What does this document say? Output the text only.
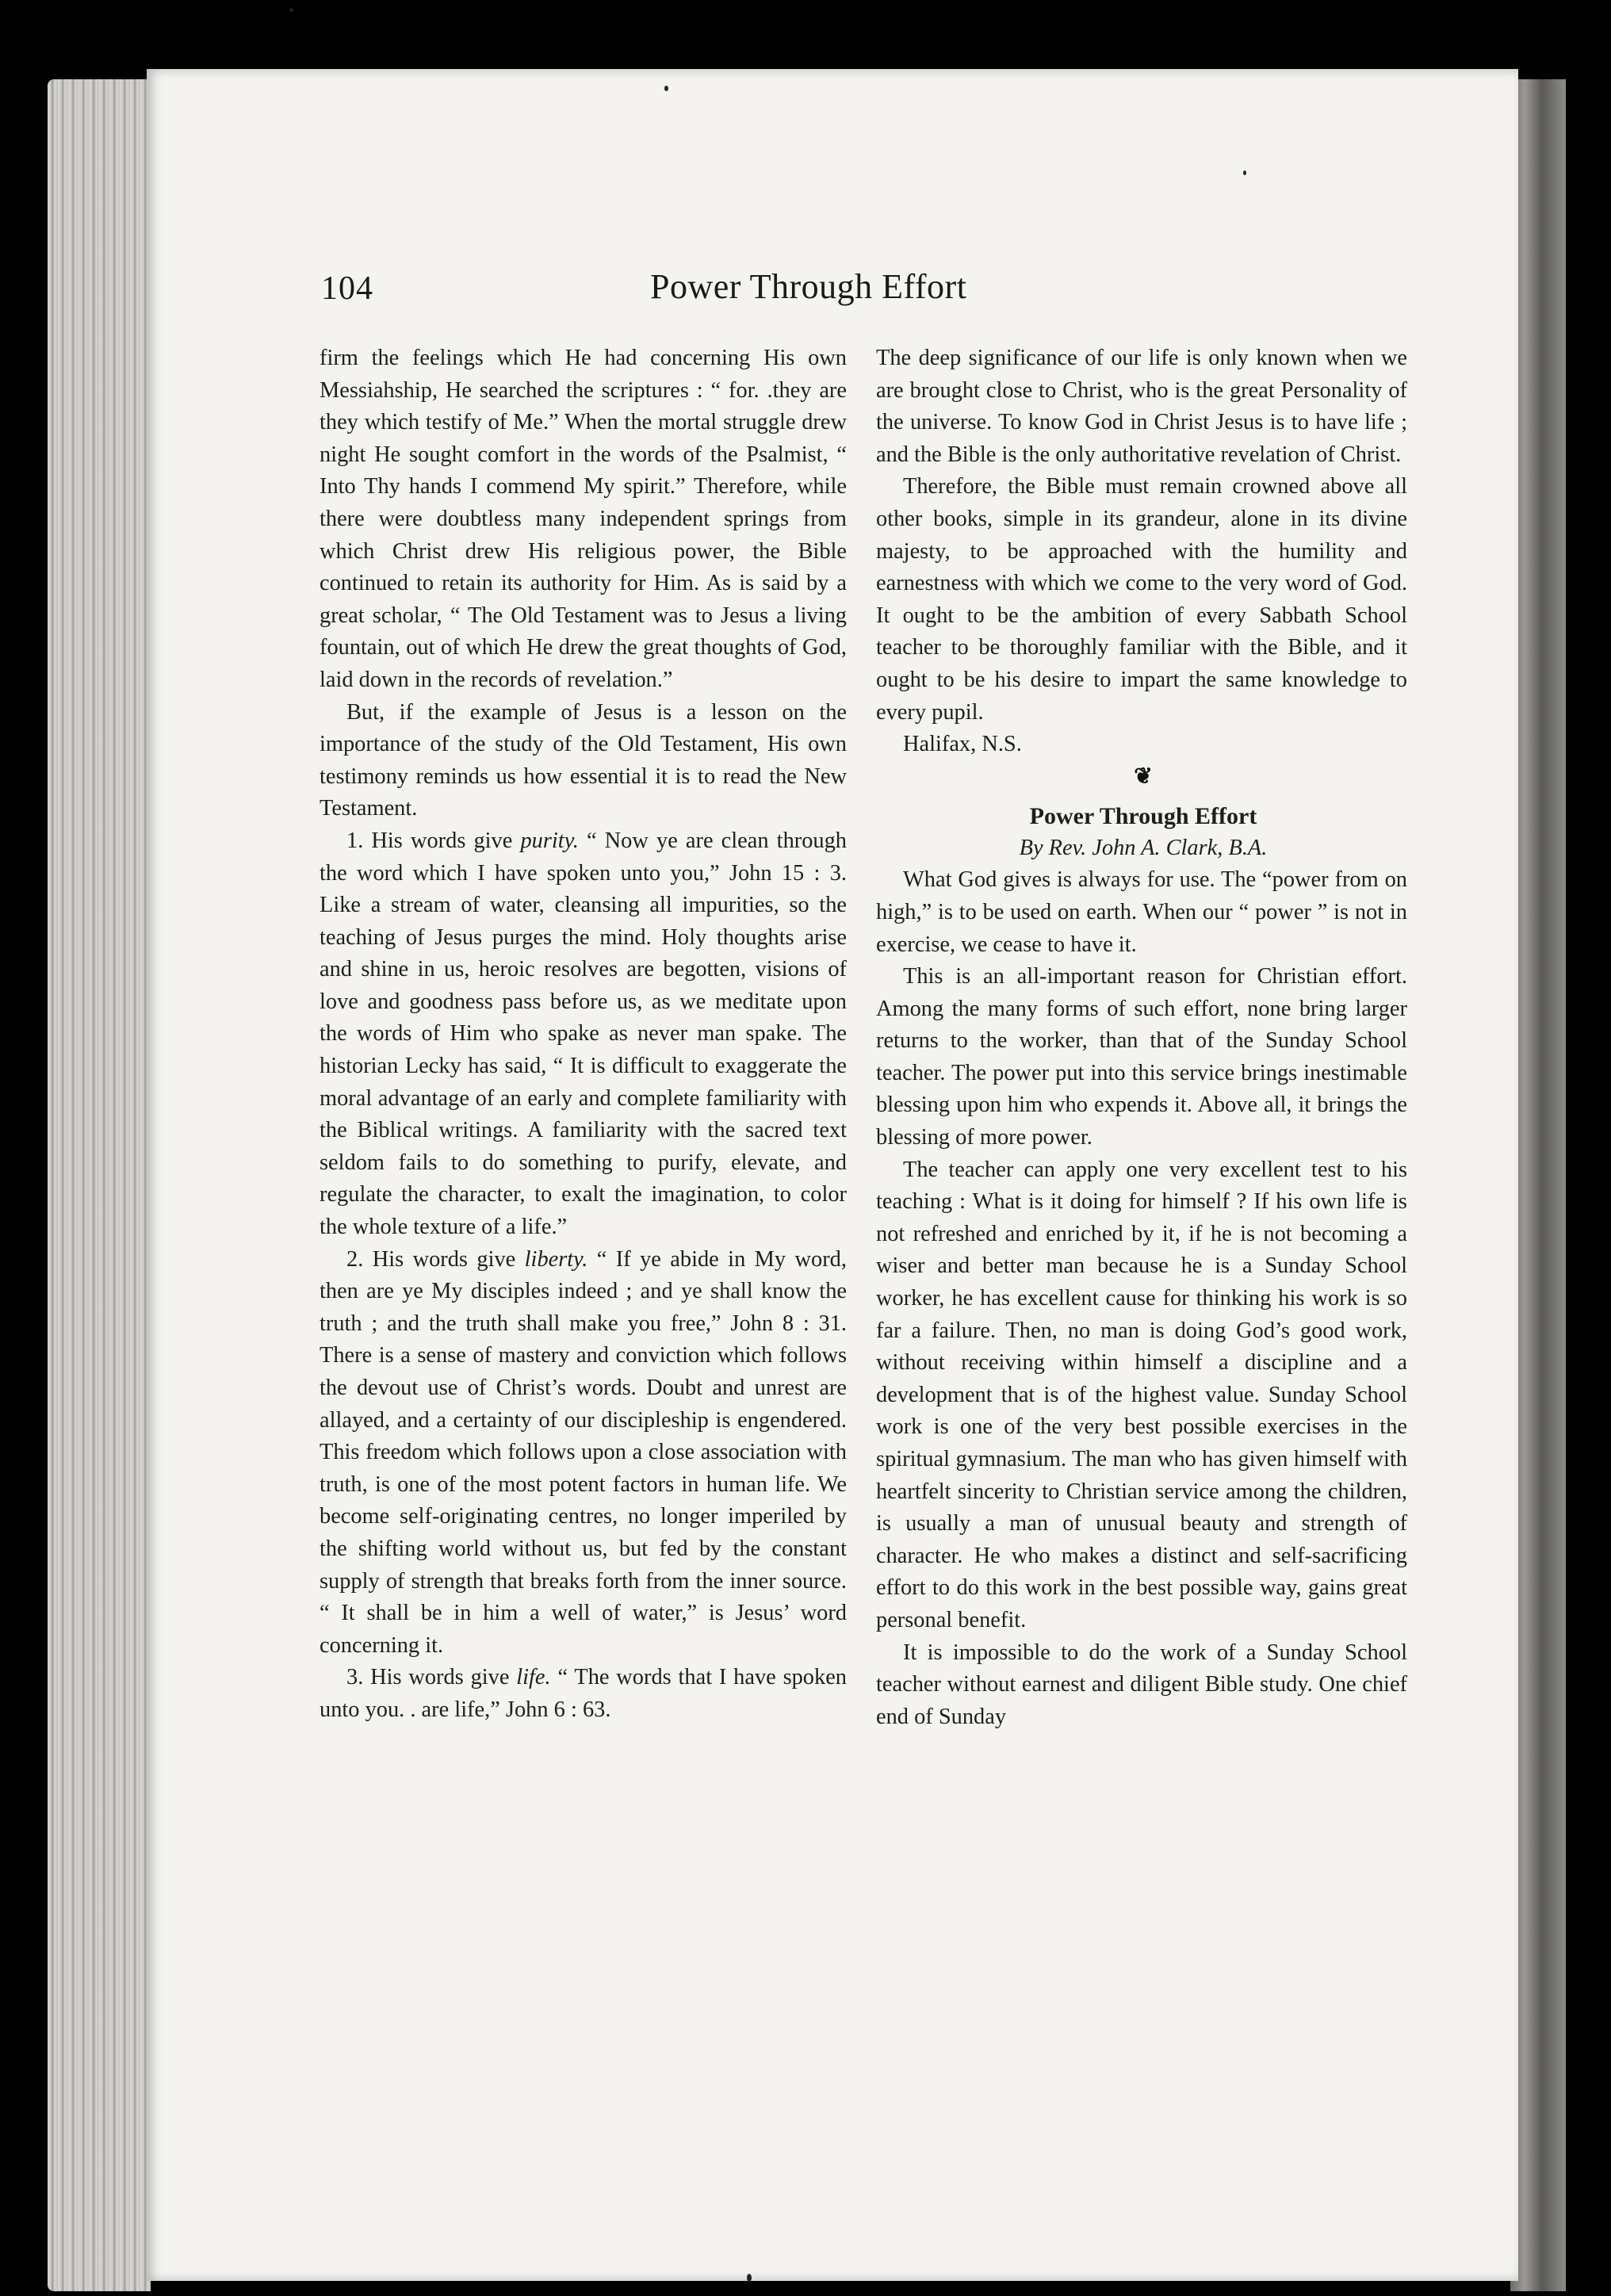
104	Power Through Effort

firm the feelings which He had concerning His own Messiahship, He searched the scriptures : “ for. .they are they which testify of Me.” When the mortal struggle drew night He sought comfort in the words of the Psalmist, “ Into Thy hands I commend My spirit.” Therefore, while there were doubtless many independent springs from which Christ drew His religious power, the Bible continued to retain its authority for Him. As is said by a great scholar, “ The Old Testament was to Jesus a living fountain, out of which He drew the great thoughts of God, laid down in the records of revelation.”

But, if the example of Jesus is a lesson on the importance of the study of the Old Testament, His own testimony reminds us how essential it is to read the New Testament.

1. His words give purity. “ Now ye are clean through the word which I have spoken unto you,” John 15 : 3. Like a stream of water, cleansing all impurities, so the teaching of Jesus purges the mind. Holy thoughts arise and shine in us, heroic resolves are begotten, visions of love and goodness pass before us, as we meditate upon the words of Him who spake as never man spake. The historian Lecky has said, “ It is difficult to exaggerate the moral advantage of an early and complete familiarity with the Biblical writings. A familiarity with the sacred text seldom fails to do something to purify, elevate, and regulate the character, to exalt the imagination, to color the whole texture of a life.”

2. His words give liberty. “ If ye abide in My word, then are ye My disciples indeed ; and ye shall know the truth ; and the truth shall make you free,” John 8 : 31. There is a sense of mastery and conviction which follows the devout use of Christ’s words. Doubt and unrest are allayed, and a certainty of our discipleship is engendered. This freedom which follows upon a close association with truth, is one of the most potent factors in human life. We become self-originating centres, no longer imperiled by the shifting world without us, but fed by the constant supply of strength that breaks forth from the inner source. “ It shall be in him a well of water,” is Jesus’ word concerning it.

3. His words give life. “ The words that I have spoken unto you. . are life,” John 6 : 63.

The deep significance of our life is only known when we are brought close to Christ, who is the great Personality of the universe. To know God in Christ Jesus is to have life ; and the Bible is the only authoritative revelation of Christ.

Therefore, the Bible must remain crowned above all other books, simple in its grandeur, alone in its divine majesty, to be approached with the humility and earnestness with which we come to the very word of God. It ought to be the ambition of every Sabbath School teacher to be thoroughly familiar with the Bible, and it ought to be his desire to impart the same knowledge to every pupil.

Halifax, N.S.

❦
Power Through Effort
By Rev. John A. Clark, B.A.

What God gives is always for use. The “power from on high,” is to be used on earth. When our “ power ” is not in exercise, we cease to have it.

This is an all-important reason for Christian effort. Among the many forms of such effort, none bring larger returns to the worker, than that of the Sunday School teacher. The power put into this service brings inestimable blessing upon him who expends it. Above all, it brings the blessing of more power.

The teacher can apply one very excellent test to his teaching : What is it doing for himself ? If his own life is not refreshed and enriched by it, if he is not becoming a wiser and better man because he is a Sunday School worker, he has excellent cause for thinking his work is so far a failure. Then, no man is doing God’s good work, without receiving within himself a discipline and a development that is of the highest value. Sunday School work is one of the very best possible exercises in the spiritual gymnasium. The man who has given himself with heartfelt sincerity to Christian service among the children, is usually a man of unusual beauty and strength of character. He who makes a distinct and self-sacrificing effort to do this work in the best possible way, gains great personal benefit.

It is impossible to do the work of a Sunday School teacher without earnest and diligent Bible study. One chief end of Sunday
